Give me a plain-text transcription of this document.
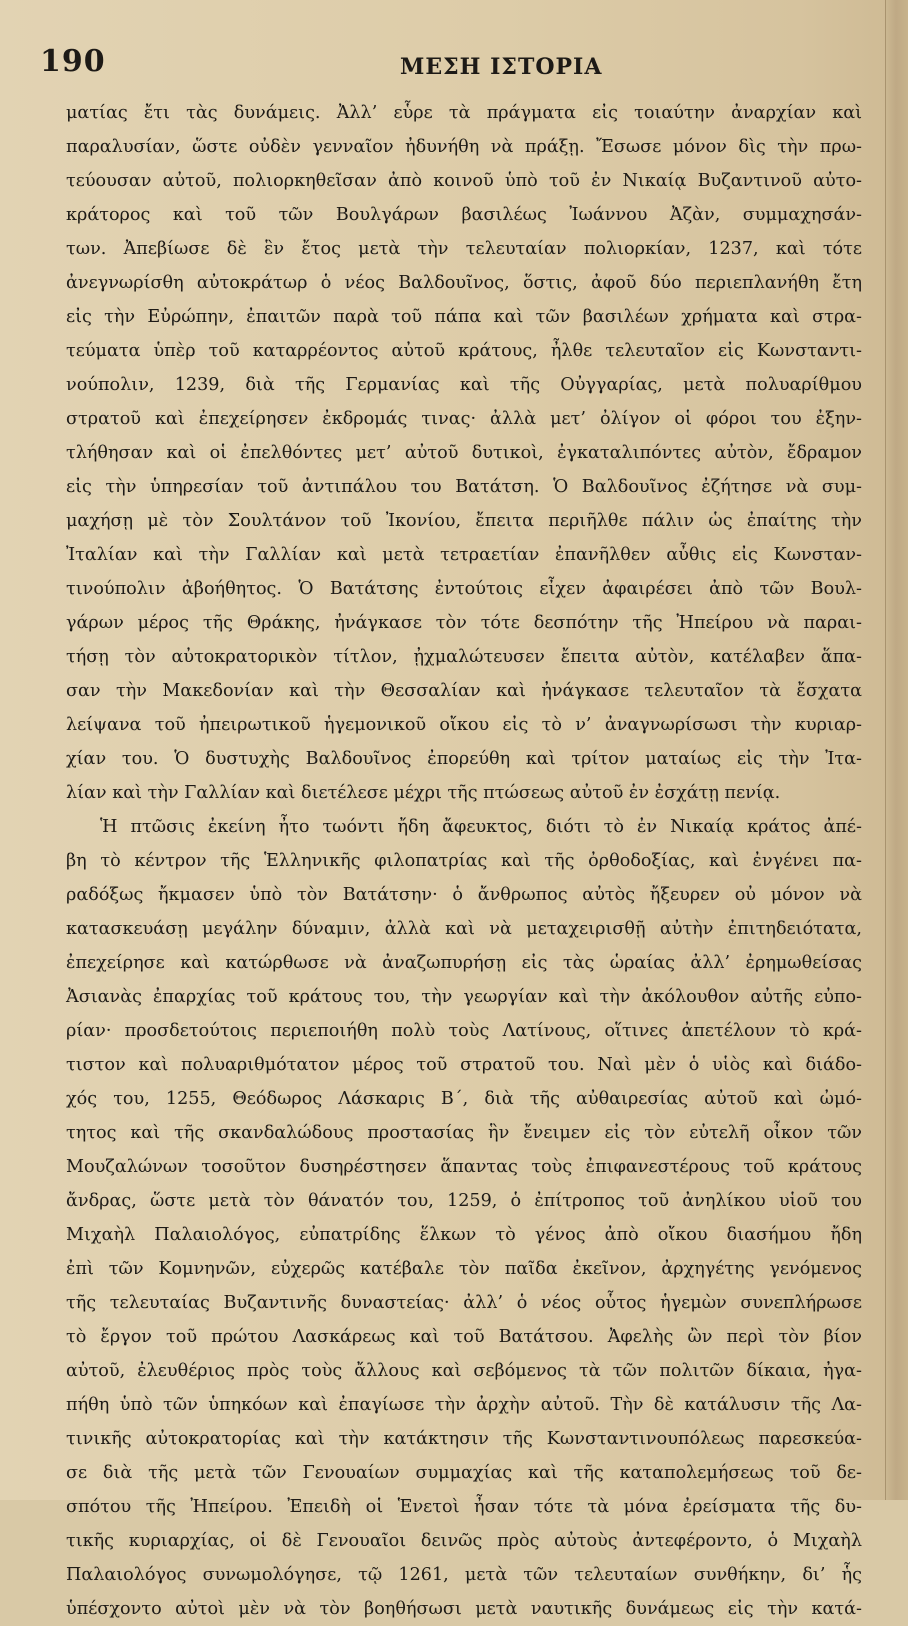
190	ΜΕΣΗ ΙΣΤΟΡΙΑ
ματίας ἔτι τὰς δυνάμεις. Ἀλλ’ εὗρε τὰ πράγματα εἰς τοιαύτην ἀναρχίαν καὶ
παραλυσίαν, ὥστε οὐδὲν γενναῖον ἠδυνήθη νὰ πράξῃ. Ἔσωσε μόνον δὶς τὴν πρω-
τεύουσαν αὐτοῦ, πολιορκηθεῖσαν ἀπὸ κοινοῦ ὑπὸ τοῦ ἐν Νικαίᾳ Βυζαντινοῦ αὐτο-
κράτορος καὶ τοῦ τῶν Βουλγάρων βασιλέως Ἰωάννου Ἀζὰν, συμμαχησάν-
των. Ἀπεβίωσε δὲ ἓν ἔτος μετὰ τὴν τελευταίαν πολιορκίαν, 1237, καὶ τότε
ἀνεγνωρίσθη αὐτοκράτωρ ὁ νέος Βαλδουῖνος, ὅστις, ἀφοῦ δύο περιεπλανήθη ἔτη
εἰς τὴν Εὐρώπην, ἐπαιτῶν παρὰ τοῦ πάπα καὶ τῶν βασιλέων χρήματα καὶ στρα-
τεύματα ὑπὲρ τοῦ καταρρέοντος αὐτοῦ κράτους, ἦλθε τελευταῖον εἰς Κωνσταντι-
νούπολιν, 1239, διὰ τῆς Γερμανίας καὶ τῆς Οὐγγαρίας, μετὰ πολυαρίθμου
στρατοῦ καὶ ἐπεχείρησεν ἐκδρομάς τινας· ἀλλὰ μετ’ ὀλίγον οἱ φόροι του ἐξην-
τλήθησαν καὶ οἱ ἐπελθόντες μετ’ αὐτοῦ δυτικοὶ, ἐγκαταλιπόντες αὐτὸν, ἔδραμον
εἰς τὴν ὑπηρεσίαν τοῦ ἀντιπάλου του Βατάτση. Ὁ Βαλδουῖνος ἐζήτησε νὰ συμ-
μαχήσῃ μὲ τὸν Σουλτάνον τοῦ Ἰκονίου, ἔπειτα περιῆλθε πάλιν ὡς ἐπαίτης τὴν
Ἰταλίαν καὶ τὴν Γαλλίαν καὶ μετὰ τετραετίαν ἐπανῆλθεν αὖθις εἰς Κωνσταν-
τινούπολιν ἀβοήθητος. Ὁ Βατάτσης ἐντούτοις εἶχεν ἀφαιρέσει ἀπὸ τῶν Βουλ-
γάρων μέρος τῆς Θράκης, ἠνάγκασε τὸν τότε δεσπότην τῆς Ἠπείρου νὰ παραι-
τήσῃ τὸν αὐτοκρατορικὸν τίτλον, ᾐχμαλώτευσεν ἔπειτα αὐτὸν, κατέλαβεν ἅπα-
σαν τὴν Μακεδονίαν καὶ τὴν Θεσσαλίαν καὶ ἠνάγκασε τελευταῖον τὰ ἔσχατα
λείψανα τοῦ ἠπειρωτικοῦ ἡγεμονικοῦ οἴκου εἰς τὸ ν’ ἀναγνωρίσωσι τὴν κυριαρ-
χίαν του. Ὁ δυστυχὴς Βαλδουῖνος ἐπορεύθη καὶ τρίτον ματαίως εἰς τὴν Ἰτα-
λίαν καὶ τὴν Γαλλίαν καὶ διετέλεσε μέχρι τῆς πτώσεως αὐτοῦ ἐν ἐσχάτῃ πενίᾳ.
Ἡ πτῶσις ἐκείνη ἦτο τωόντι ἤδη ἄφευκτος, διότι τὸ ἐν Νικαίᾳ κράτος ἀπέ-
βη τὸ κέντρον τῆς Ἑλληνικῆς φιλοπατρίας καὶ τῆς ὀρθοδοξίας, καὶ ἐνγένει πα-
ραδόξως ἤκμασεν ὑπὸ τὸν Βατάτσην· ὁ ἄνθρωπος αὐτὸς ἤξευρεν οὐ μόνον νὰ
κατασκευάσῃ μεγάλην δύναμιν, ἀλλὰ καὶ νὰ μεταχειρισθῇ αὐτὴν ἐπιτηδειότατα,
ἐπεχείρησε καὶ κατώρθωσε νὰ ἀναζωπυρήσῃ εἰς τὰς ὡραίας ἀλλ’ ἐρημωθείσας
Ἀσιανὰς ἐπαρχίας τοῦ κράτους του, τὴν γεωργίαν καὶ τὴν ἀκόλουθον αὐτῆς εὐπο-
ρίαν· προσδετούτοις περιεποιήθη πολὺ τοὺς Λατίνους, οἵτινες ἀπετέλουν τὸ κρά-
τιστον καὶ πολυαριθμότατον μέρος τοῦ στρατοῦ του. Ναὶ μὲν ὁ υἱὸς καὶ διάδο-
χός του, 1255, Θεόδωρος Λάσκαρις Β΄, διὰ τῆς αὐθαιρεσίας αὐτοῦ καὶ ὠμό-
τητος καὶ τῆς σκανδαλώδους προστασίας ἣν ἔνειμεν εἰς τὸν εὐτελῆ οἶκον τῶν
Μουζαλώνων τοσοῦτον δυσηρέστησεν ἅπαντας τοὺς ἐπιφανεστέρους τοῦ κράτους
ἄνδρας, ὥστε μετὰ τὸν θάνατόν του, 1259, ὁ ἐπίτροπος τοῦ ἀνηλίκου υἱοῦ του
Μιχαὴλ Παλαιολόγος, εὐπατρίδης ἕλκων τὸ γένος ἀπὸ οἴκου διασήμου ἤδη
ἐπὶ τῶν Κομνηνῶν, εὐχερῶς κατέβαλε τὸν παῖδα ἐκεῖνον, ἀρχηγέτης γενόμενος
τῆς τελευταίας Βυζαντινῆς δυναστείας· ἀλλ’ ὁ νέος οὗτος ἡγεμὼν συνεπλήρωσε
τὸ ἔργον τοῦ πρώτου Λασκάρεως καὶ τοῦ Βατάτσου. Ἀφελὴς ὢν περὶ τὸν βίον
αὐτοῦ, ἐλευθέριος πρὸς τοὺς ἄλλους καὶ σεβόμενος τὰ τῶν πολιτῶν δίκαια, ἠγα-
πήθη ὑπὸ τῶν ὑπηκόων καὶ ἐπαγίωσε τὴν ἀρχὴν αὐτοῦ. Τὴν δὲ κατάλυσιν τῆς Λα-
τινικῆς αὐτοκρατορίας καὶ τὴν κατάκτησιν τῆς Κωνσταντινουπόλεως παρεσκεύα-
σε διὰ τῆς μετὰ τῶν Γενουαίων συμμαχίας καὶ τῆς καταπολεμήσεως τοῦ δε-
σπότου τῆς Ἠπείρου. Ἐπειδὴ οἱ Ἑνετοὶ ἦσαν τότε τὰ μόνα ἐρείσματα τῆς δυ-
τικῆς κυριαρχίας, οἱ δὲ Γενουαῖοι δεινῶς πρὸς αὐτοὺς ἀντεφέροντο, ὁ Μιχαὴλ
Παλαιολόγος συνωμολόγησε, τῷ 1261, μετὰ τῶν τελευταίων συνθήκην, δι’ ἧς
ὑπέσχοντο αὐτοὶ μὲν νὰ τὸν βοηθήσωσι μετὰ ναυτικῆς δυνάμεως εἰς τὴν κατά-
